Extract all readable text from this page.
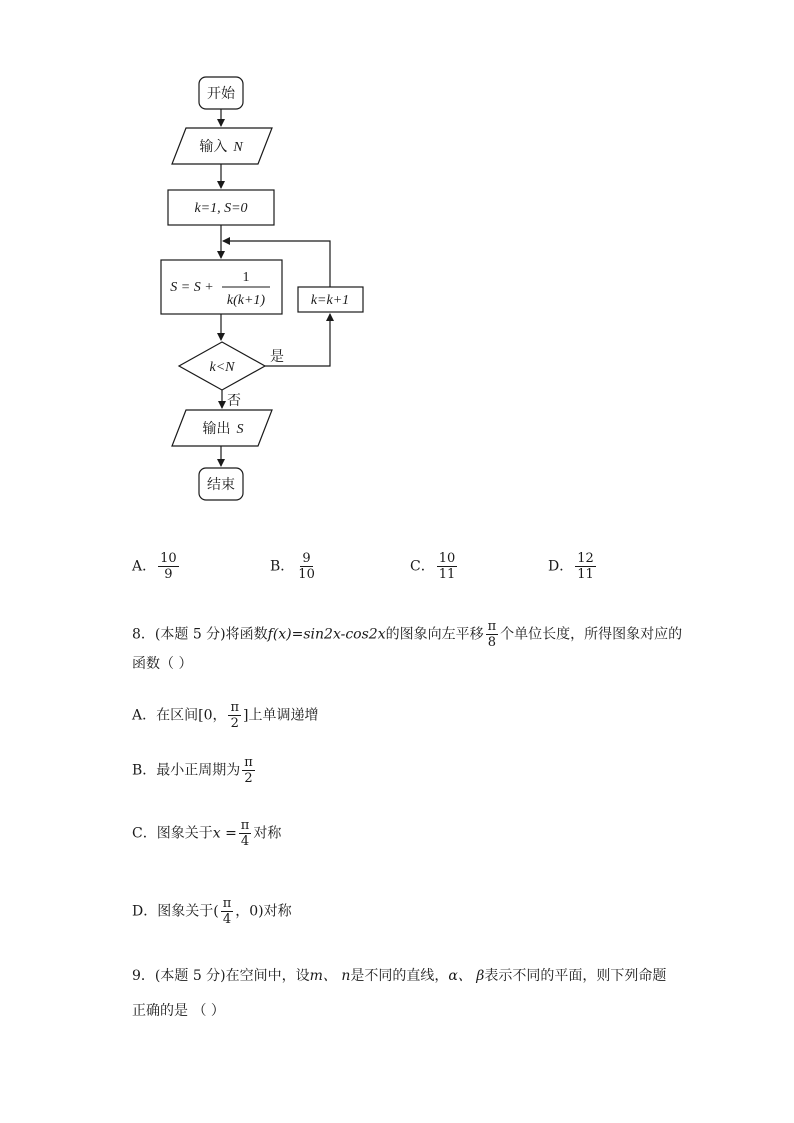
开始
输入 N
k=1, S=0
S = S +
1
k(k+1)	k=k+1
k<N
是
否
输出 S
结束
A． $\frac{10}{9}$	B． $\frac{9}{10}$	C． $\frac{10}{11}$	D． $\frac{12}{11}$
8．(本题 5 分)将函数f(x)=sin2x-cos2x的图象向左平移 $\frac{\pi}{8}$ 个单位长度，所得图象对应的
函数（ ）
A．在区间[0， $\frac{\pi}{2}$ ]上单调递增
B．最小正周期为 $\frac{\pi}{2}$
C．图象关于$x = \frac{\pi}{4}$ 对称
D．图象关于( $\frac{\pi}{4}$ ，0)对称
9．(本题 5 分)在空间中，设m、 n是不同的直线，α、 β表示不同的平面，则下列命题
正确的是 （ ）
